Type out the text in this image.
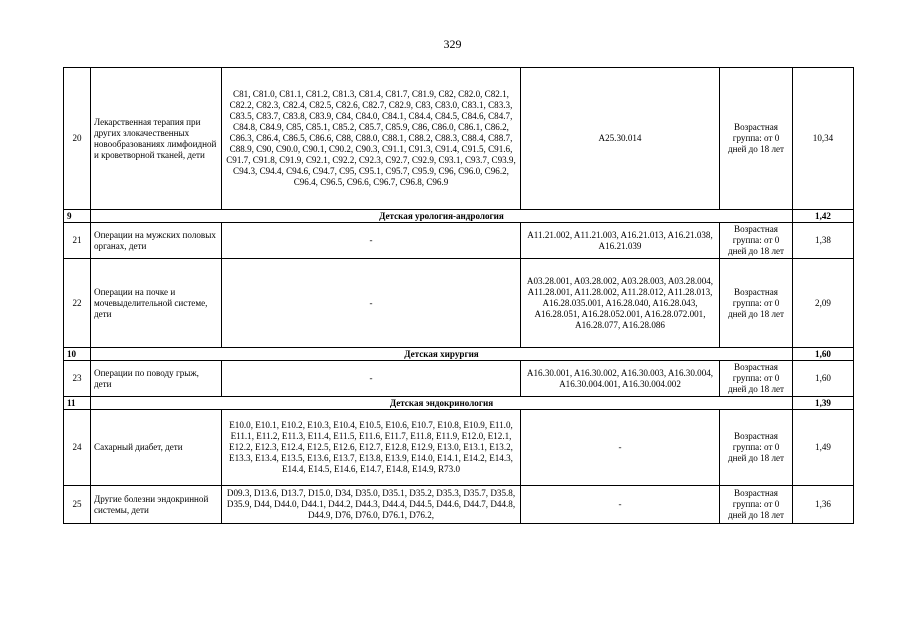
329
20	Лекарственная терапия при других злокачественных новообразованиях лимфоидной и кроветворной тканей, дети	C81, C81.0, C81.1, C81.2, C81.3, C81.4, C81.7, C81.9, C82, C82.0, C82.1, C82.2, C82.3, C82.4, C82.5, C82.6, C82.7, C82.9, C83, C83.0, C83.1, C83.3, C83.5, C83.7, C83.8, C83.9, C84, C84.0, C84.1, C84.4, C84.5, C84.6, C84.7, C84.8, C84.9, C85, C85.1, C85.2, C85.7, C85.9, C86, C86.0, C86.1, C86.2, C86.3, C86.4, C86.5, C86.6, C88, C88.0, C88.1, C88.2, C88.3, C88.4, C88.7, C88.9, C90, C90.0, C90.1, C90.2, C90.3, C91.1, C91.3, C91.4, C91.5, C91.6, C91.7, C91.8, C91.9, C92.1, C92.2, C92.3, C92.7, C92.9, C93.1, C93.7, C93.9, C94.3, C94.4, C94.6, C94.7, C95, C95.1, C95.7, C95.9, C96, C96.0, C96.2, C96.4, C96.5, C96.6, C96.7, C96.8, C96.9	A25.30.014	Возрастная группа: от 0 дней до 18 лет	10,34
9	Детская урология-андрология				1,42
21	Операции на мужских половых органах, дети	-	A11.21.002, A11.21.003, A16.21.013, A16.21.038, A16.21.039	Возрастная группа: от 0 дней до 18 лет	1,38
22	Операции на почке и мочевыделительной системе, дети	-	A03.28.001, A03.28.002, A03.28.003, A03.28.004, A11.28.001, A11.28.002, A11.28.012, A11.28.013, A16.28.035.001, A16.28.040, A16.28.043, A16.28.051, A16.28.052.001, A16.28.072.001, A16.28.077, A16.28.086	Возрастная группа: от 0 дней до 18 лет	2,09
10	Детская хирургия				1,60
23	Операции по поводу грыж, дети	-	A16.30.001, A16.30.002, A16.30.003, A16.30.004, A16.30.004.001, A16.30.004.002	Возрастная группа: от 0 дней до 18 лет	1,60
11	Детская эндокринология				1,39
24	Сахарный диабет, дети	E10.0, E10.1, E10.2, E10.3, E10.4, E10.5, E10.6, E10.7, E10.8, E10.9, E11.0, E11.1, E11.2, E11.3, E11.4, E11.5, E11.6, E11.7, E11.8, E11.9, E12.0, E12.1, E12.2, E12.3, E12.4, E12.5, E12.6, E12.7, E12.8, E12.9, E13.0, E13.1, E13.2, E13.3, E13.4, E13.5, E13.6, E13.7, E13.8, E13.9, E14.0, E14.1, E14.2, E14.3, E14.4, E14.5, E14.6, E14.7, E14.8, E14.9, R73.0	-	Возрастная группа: от 0 дней до 18 лет	1,49
25	Другие болезни эндокринной системы, дети	D09.3, D13.6, D13.7, D15.0, D34, D35.0, D35.1, D35.2, D35.3, D35.7, D35.8, D35.9, D44, D44.0, D44.1, D44.2, D44.3, D44.4, D44.5, D44.6, D44.7, D44.8, D44.9, D76, D76.0, D76.1, D76.2,	-	Возрастная группа: от 0 дней до 18 лет	1,36
